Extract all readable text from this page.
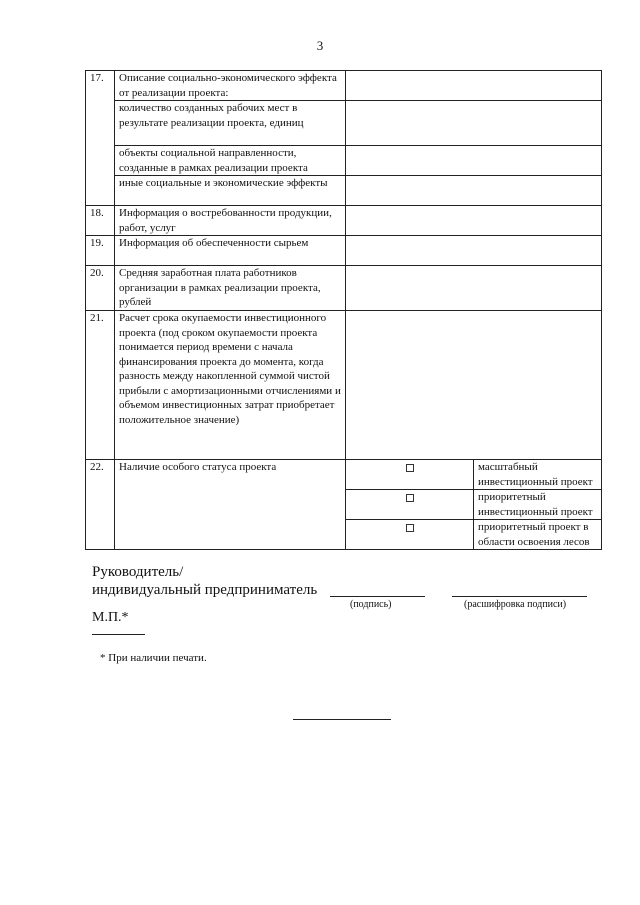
3
17.	Описание социально-экономического эффекта от реализации проекта:		
	количество созданных рабочих мест в результате реализации проекта, единиц		
	объекты социальной направленности, созданные в рамках реализации проекта		
	иные социальные и экономические эффекты		
18.	Информация о востребованности продукции, работ, услуг		
19.	Информация об обеспеченности сырьем		
20.	Средняя заработная плата работников организации в рамках реализации проекта, рублей		
21.	Расчет срока окупаемости инвестиционного проекта (под сроком окупаемости проекта понимается период времени с начала финансирования проекта до момента, когда разность между накопленной суммой чистой прибыли с амортизационными отчислениями и объемом инвестиционных затрат приобретает положительное значение)		
22.	Наличие особого статуса проекта		масштабный инвестиционный проект
			приоритетный инвестиционный проект
			приоритетный проект в области освоения лесов
Руководитель/
индивидуальный предприниматель
(подпись)	(расшифровка подписи)
М.П.*
* При наличии печати.
